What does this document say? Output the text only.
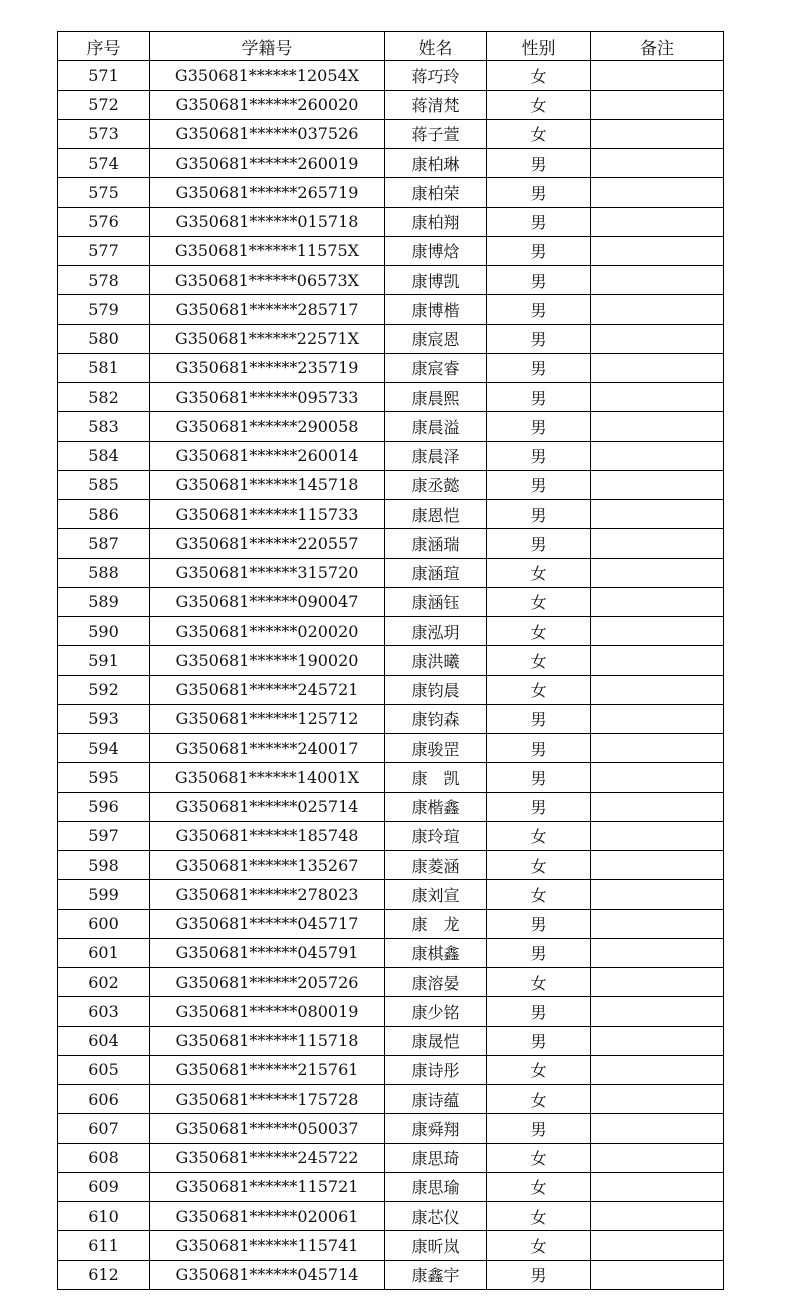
序号	学籍号	姓名	性别	备注
571	G350681******12054X	蒋巧玲	女	
572	G350681******260020	蒋清梵	女	
573	G350681******037526	蒋子萱	女	
574	G350681******260019	康柏琳	男	
575	G350681******265719	康柏荣	男	
576	G350681******015718	康柏翔	男	
577	G350681******11575X	康博焓	男	
578	G350681******06573X	康博凯	男	
579	G350681******285717	康博楷	男	
580	G350681******22571X	康宸恩	男	
581	G350681******235719	康宸睿	男	
582	G350681******095733	康晨熙	男	
583	G350681******290058	康晨溢	男	
584	G350681******260014	康晨泽	男	
585	G350681******145718	康丞懿	男	
586	G350681******115733	康恩恺	男	
587	G350681******220557	康涵瑞	男	
588	G350681******315720	康涵瑄	女	
589	G350681******090047	康涵钰	女	
590	G350681******020020	康泓玥	女	
591	G350681******190020	康洪曦	女	
592	G350681******245721	康钧晨	女	
593	G350681******125712	康钧森	男	
594	G350681******240017	康骏罡	男	
595	G350681******14001X	康　凯	男	
596	G350681******025714	康楷鑫	男	
597	G350681******185748	康玲瑄	女	
598	G350681******135267	康菱涵	女	
599	G350681******278023	康刘宣	女	
600	G350681******045717	康　龙	男	
601	G350681******045791	康棋鑫	男	
602	G350681******205726	康溶晏	女	
603	G350681******080019	康少铭	男	
604	G350681******115718	康晟恺	男	
605	G350681******215761	康诗彤	女	
606	G350681******175728	康诗蕴	女	
607	G350681******050037	康舜翔	男	
608	G350681******245722	康思琦	女	
609	G350681******115721	康思瑜	女	
610	G350681******020061	康芯仪	女	
611	G350681******115741	康昕岚	女	
612	G350681******045714	康鑫宇	男	
